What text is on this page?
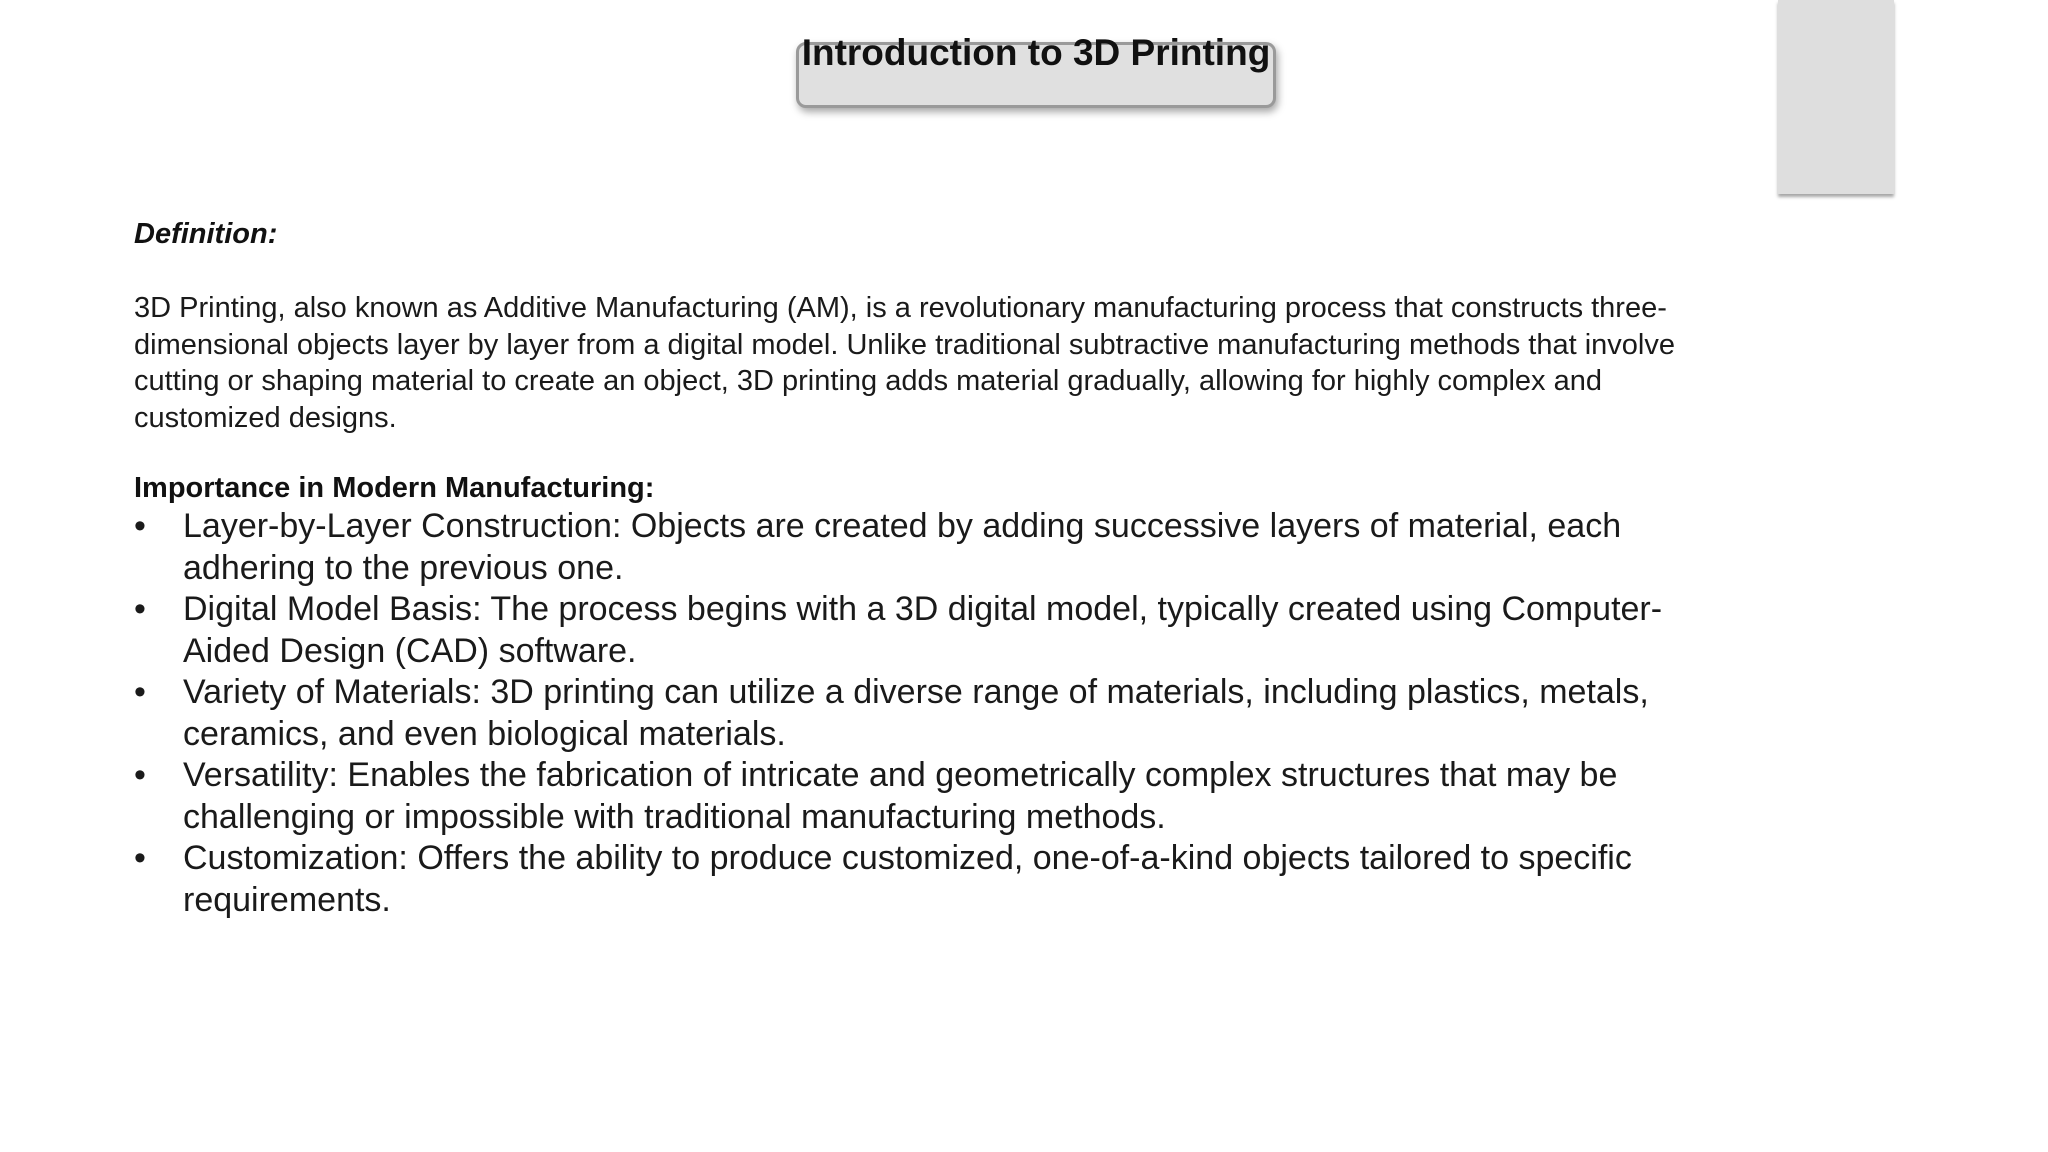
Introduction to 3D Printing
Definition:
3D Printing, also known as Additive Manufacturing (AM), is a revolutionary manufacturing process that constructs three-dimensional objects layer by layer from a digital model. Unlike traditional subtractive manufacturing methods that involve cutting or shaping material to create an object, 3D printing adds material gradually, allowing for highly complex and customized designs.
Importance in Modern Manufacturing:
• Layer-by-Layer Construction: Objects are created by adding successive layers of material, each adhering to the previous one.
• Digital Model Basis: The process begins with a 3D digital model, typically created using Computer-Aided Design (CAD) software.
• Variety of Materials: 3D printing can utilize a diverse range of materials, including plastics, metals, ceramics, and even biological materials.
• Versatility: Enables the fabrication of intricate and geometrically complex structures that may be challenging or impossible with traditional manufacturing methods.
• Customization: Offers the ability to produce customized, one-of-a-kind objects tailored to specific requirements.
